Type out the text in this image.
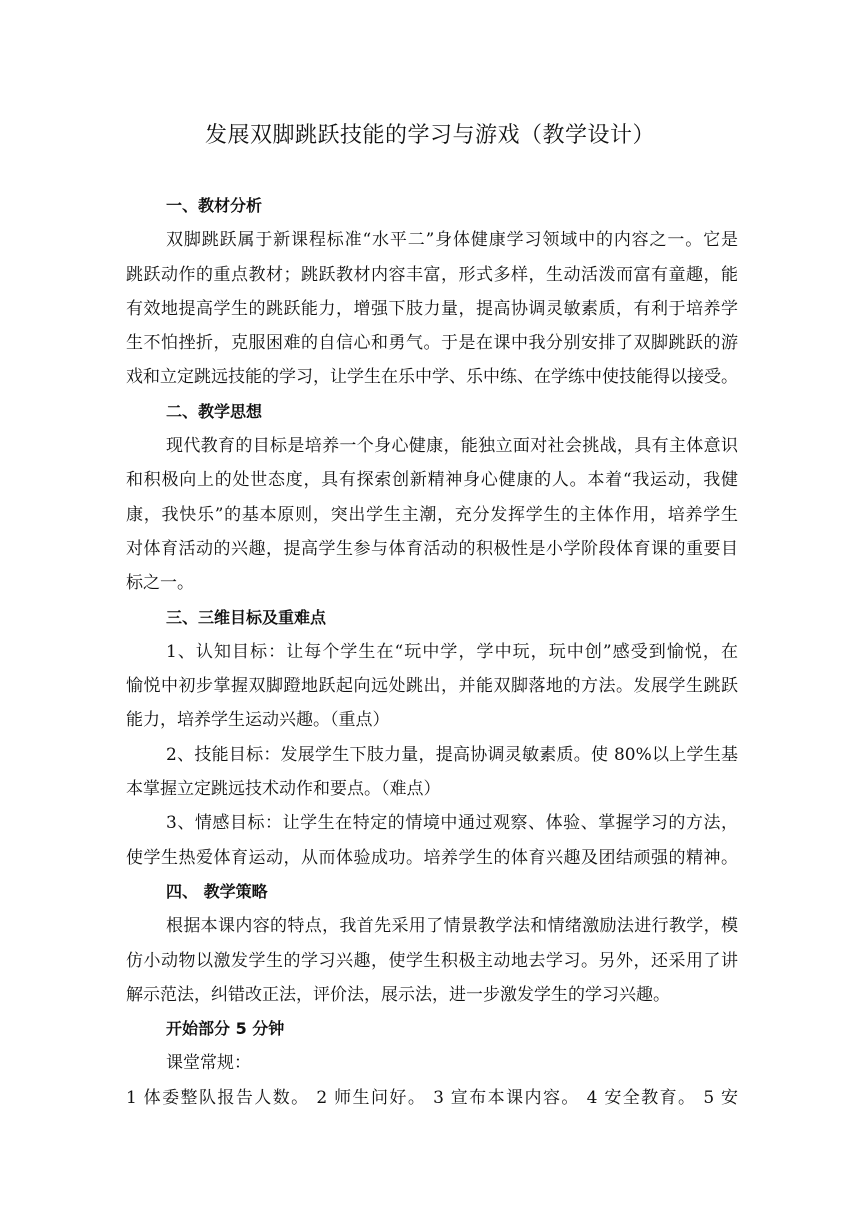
发展双脚跳跃技能的学习与游戏（教学设计）
一、教材分析
双脚跳跃属于新课程标准“水平二”身体健康学习领域中的内容之一。它是
跳跃动作的重点教材；跳跃教材内容丰富，形式多样，生动活泼而富有童趣，能
有效地提高学生的跳跃能力，增强下肢力量，提高协调灵敏素质，有利于培养学
生不怕挫折，克服困难的自信心和勇气。于是在课中我分别安排了双脚跳跃的游
戏和立定跳远技能的学习，让学生在乐中学、乐中练、在学练中使技能得以接受。
二、教学思想
现代教育的目标是培养一个身心健康，能独立面对社会挑战，具有主体意识
和积极向上的处世态度，具有探索创新精神身心健康的人。本着“我运动，我健
康，我快乐”的基本原则，突出学生主潮，充分发挥学生的主体作用，培养学生
对体育活动的兴趣，提高学生参与体育活动的积极性是小学阶段体育课的重要目
标之一。
三、三维目标及重难点
1、认知目标：让每个学生在“玩中学，学中玩，玩中创”感受到愉悦，在
愉悦中初步掌握双脚蹬地跃起向远处跳出，并能双脚落地的方法。发展学生跳跃
能力，培养学生运动兴趣。（重点）
2、技能目标：发展学生下肢力量，提高协调灵敏素质。使 80%以上学生基
本掌握立定跳远技术动作和要点。（难点）
3、情感目标：让学生在特定的情境中通过观察、体验、掌握学习的方法，
使学生热爱体育运动，从而体验成功。培养学生的体育兴趣及团结顽强的精神。
四、 教学策略
根据本课内容的特点，我首先采用了情景教学法和情绪激励法进行教学，模
仿小动物以激发学生的学习兴趣，使学生积极主动地去学习。另外，还采用了讲
解示范法，纠错改正法，评价法，展示法，进一步激发学生的学习兴趣。
开始部分 5 分钟
课堂常规：
1 体委整队报告人数。 2 师生问好。 3 宣布本课内容。 4 安全教育。 5 安
